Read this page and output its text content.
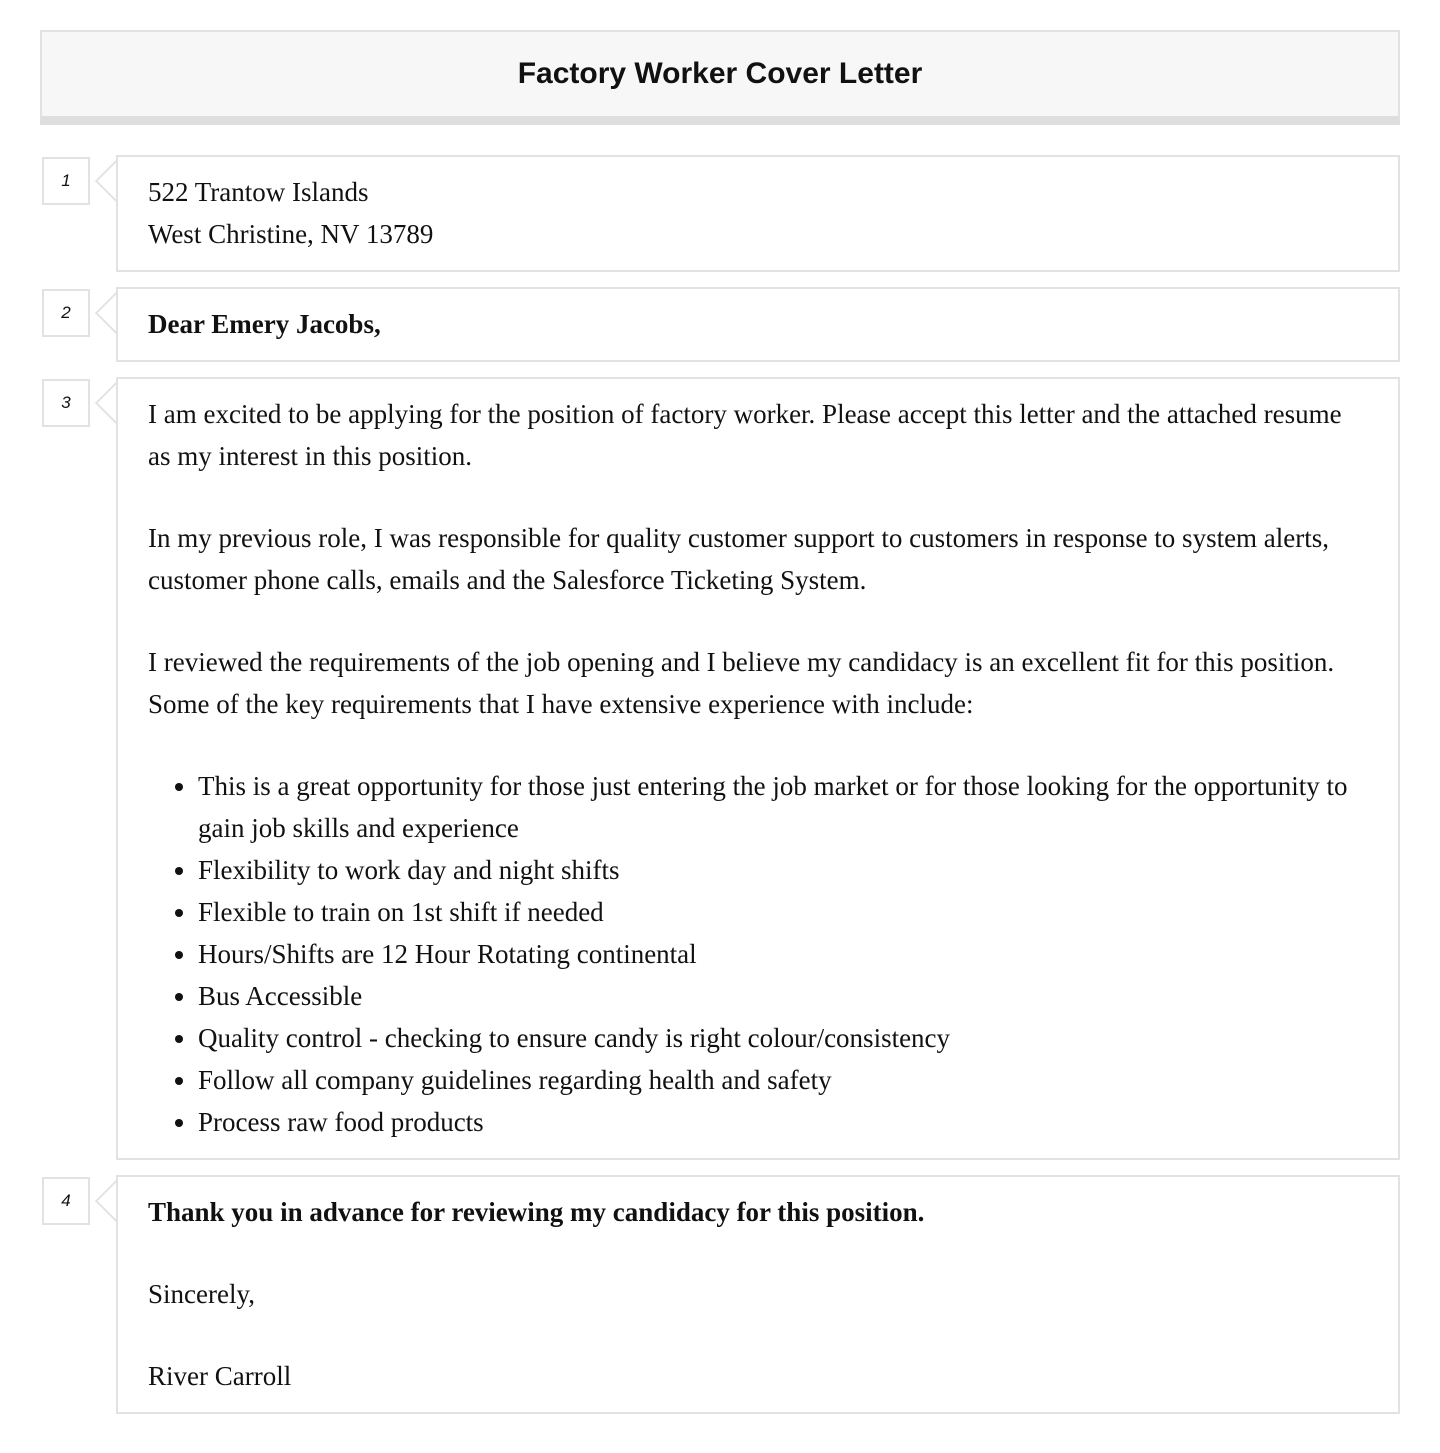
Factory Worker Cover Letter
1	522 Trantow Islands

West Christine, NV 13789

2	Dear Emery Jacobs,

3	I am excited to be applying for the position of factory worker. Please accept this letter and the attached resume as my interest in this position.

In my previous role, I was responsible for quality customer support to customers in response to system alerts, customer phone calls, emails and the Salesforce Ticketing System.

I reviewed the requirements of the job opening and I believe my candidacy is an excellent fit for this position. Some of the key requirements that I have extensive experience with include:

• This is a great opportunity for those just entering the job market or for those looking for the opportunity to gain job skills and experience
• Flexibility to work day and night shifts
• Flexible to train on 1st shift if needed
• Hours/Shifts are 12 Hour Rotating continental
• Bus Accessible
• Quality control - checking to ensure candy is right colour/consistency
• Follow all company guidelines regarding health and safety
• Process raw food products
4	Thank you in advance for reviewing my candidacy for this position.

Sincerely,

River Carroll
